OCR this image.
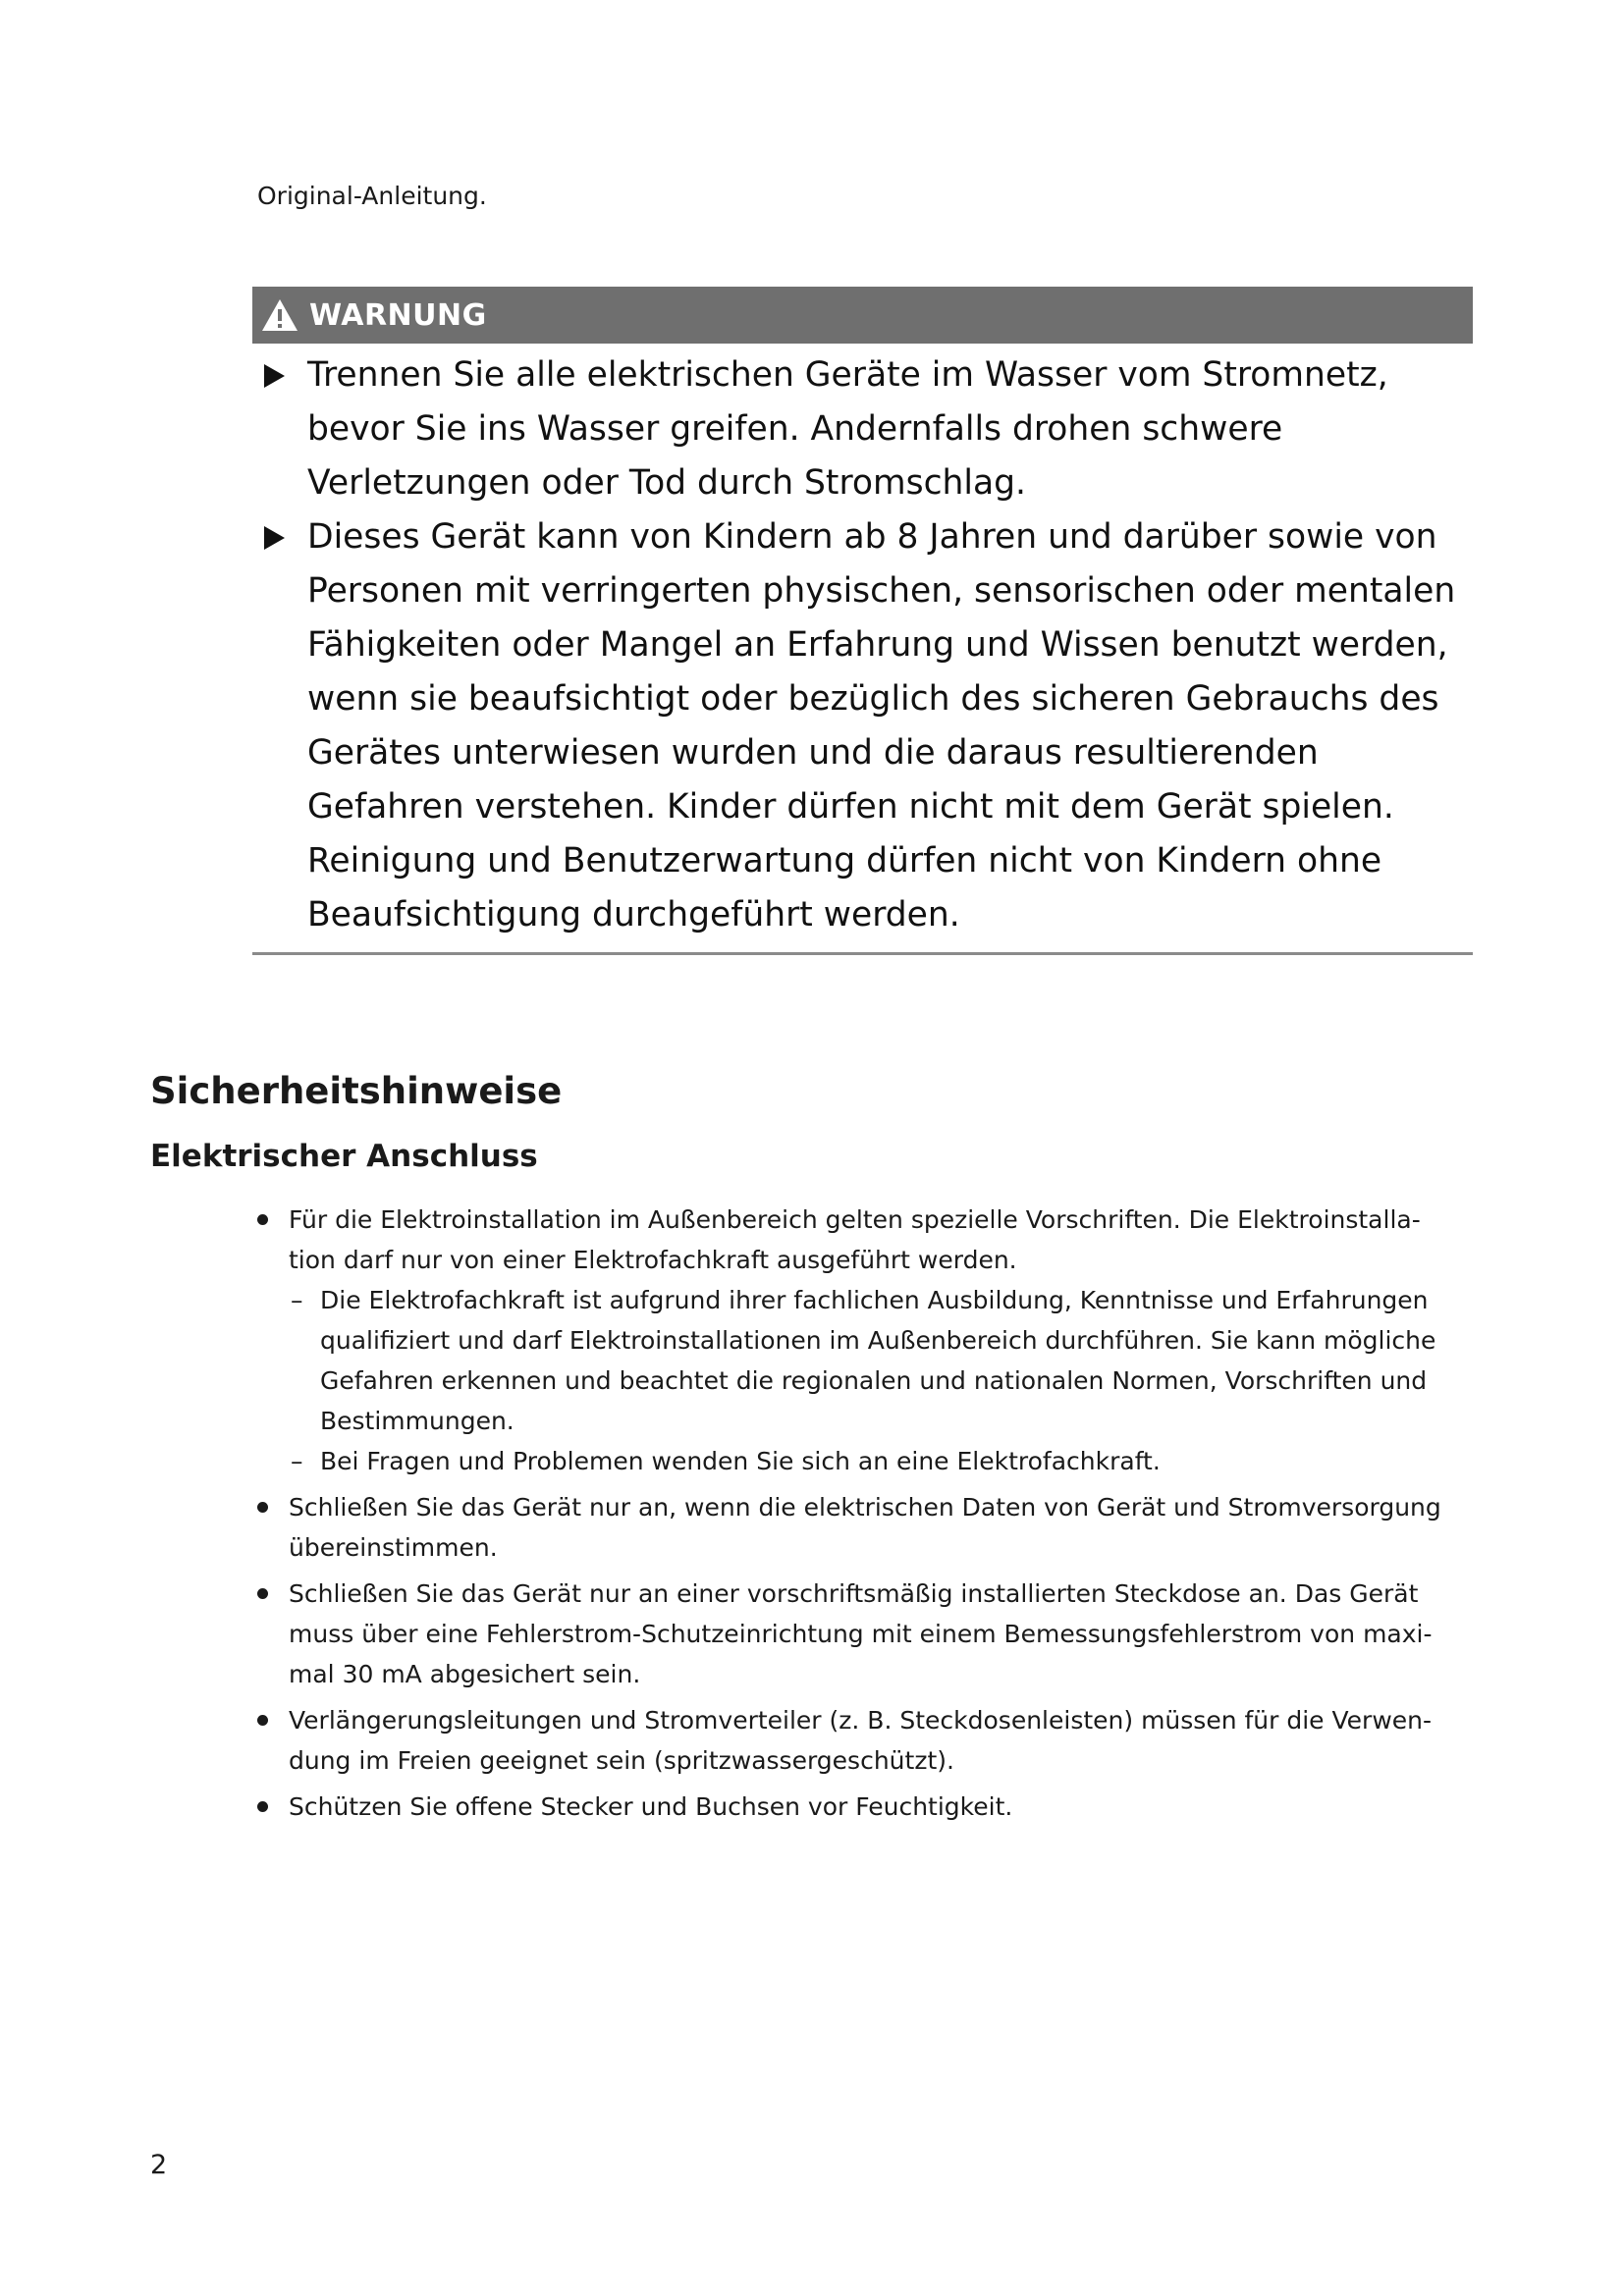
Original-Anleitung.

WARNUNG
Trennen Sie alle elektrischen Geräte im Wasser vom Stromnetz, bevor Sie ins Wasser greifen. Andernfalls drohen schwere Verletzungen oder Tod durch Stromschlag.
Dieses Gerät kann von Kindern ab 8 Jahren und darüber sowie von Personen mit verringerten physischen, sensorischen oder mentalen Fähigkeiten oder Mangel an Erfahrung und Wissen benutzt werden, wenn sie beaufsichtigt oder bezüglich des sicheren Gebrauchs des Gerätes unterwiesen wurden und die daraus resultierenden Gefahren verstehen. Kinder dürfen nicht mit dem Gerät spielen. Reinigung und Benutzerwartung dürfen nicht von Kindern ohne Beaufsichtigung durchgeführt werden.
Sicherheitshinweise
Elektrischer Anschluss
Für die Elektroinstallation im Außenbereich gelten spezielle Vorschriften. Die Elektroinstallation darf nur von einer Elektrofachkraft ausgeführt werden.
– Die Elektrofachkraft ist aufgrund ihrer fachlichen Ausbildung, Kenntnisse und Erfahrungen qualifiziert und darf Elektroinstallationen im Außenbereich durchführen. Sie kann mögliche Gefahren erkennen und beachtet die regionalen und nationalen Normen, Vorschriften und Bestimmungen.
– Bei Fragen und Problemen wenden Sie sich an eine Elektrofachkraft.
Schließen Sie das Gerät nur an, wenn die elektrischen Daten von Gerät und Stromversorgung übereinstimmen.
Schließen Sie das Gerät nur an einer vorschriftsmäßig installierten Steckdose an. Das Gerät muss über eine Fehlerstrom-Schutzeinrichtung mit einem Bemessungsfehlerstrom von maximal 30 mA abgesichert sein.
Verlängerungsleitungen und Stromverteiler (z. B. Steckdosenleisten) müssen für die Verwendung im Freien geeignet sein (spritzwassergeschützt).
Schützen Sie offene Stecker und Buchsen vor Feuchtigkeit.

2
